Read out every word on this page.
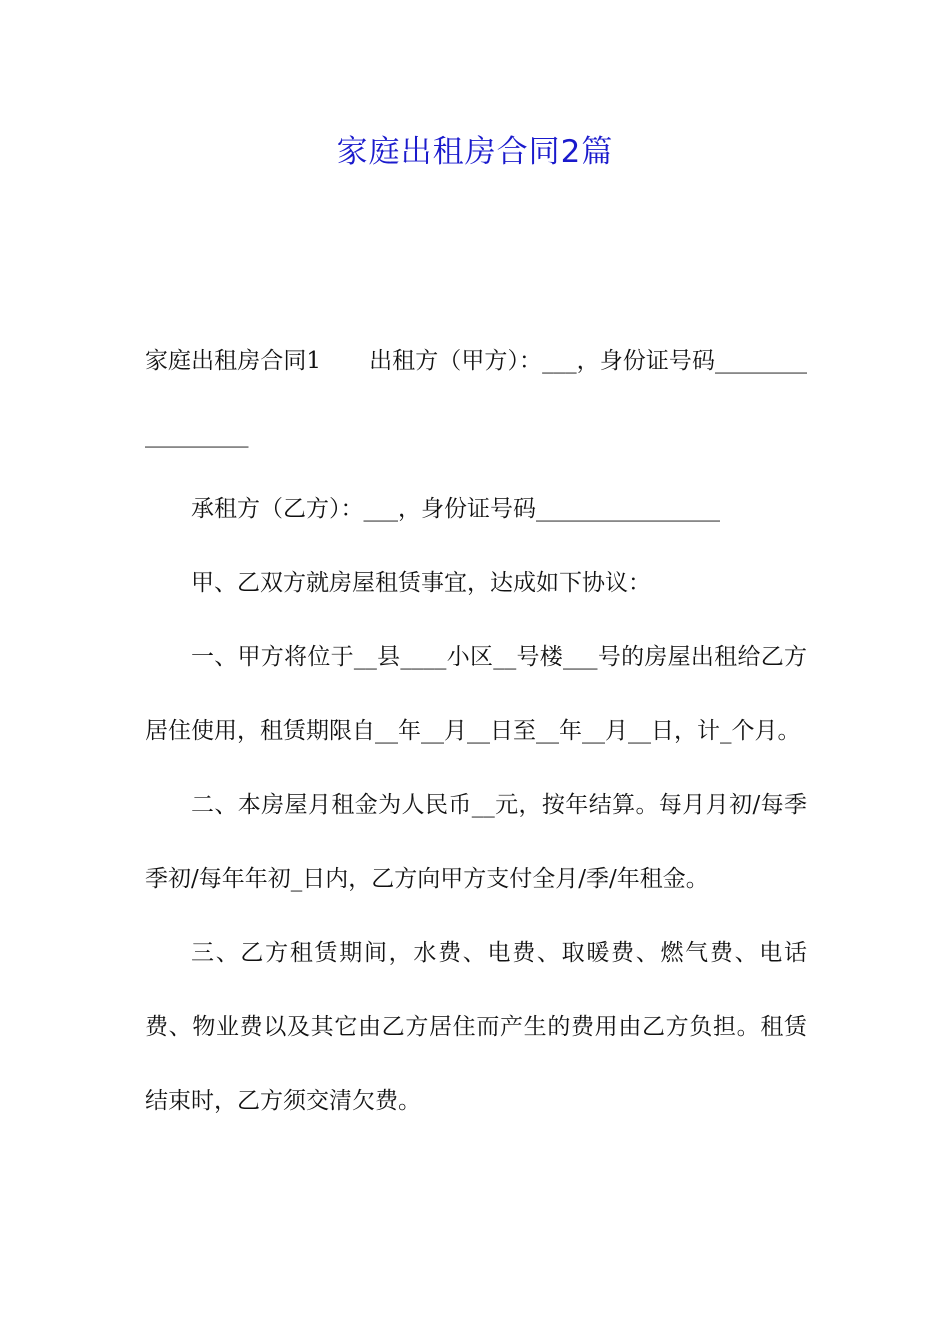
家庭出租房合同2篇

家庭出租房合同1 出租方（甲方）：___，身份证号码_________________

承租方（乙方）：___，身份证号码________________

甲、乙双方就房屋租赁事宜，达成如下协议：

一、甲方将位于__县____小区__号楼___号的房屋出租给乙方居住使用，租赁期限自__年__月__日至__年__月__日，计_个月。

二、本房屋月租金为人民币__元，按年结算。每月月初/每季季初/每年年初_日内，乙方向甲方支付全月/季/年租金。

三、乙方租赁期间，水费、电费、取暖费、燃气费、电话费、物业费以及其它由乙方居住而产生的费用由乙方负担。租赁结束时，乙方须交清欠费。
